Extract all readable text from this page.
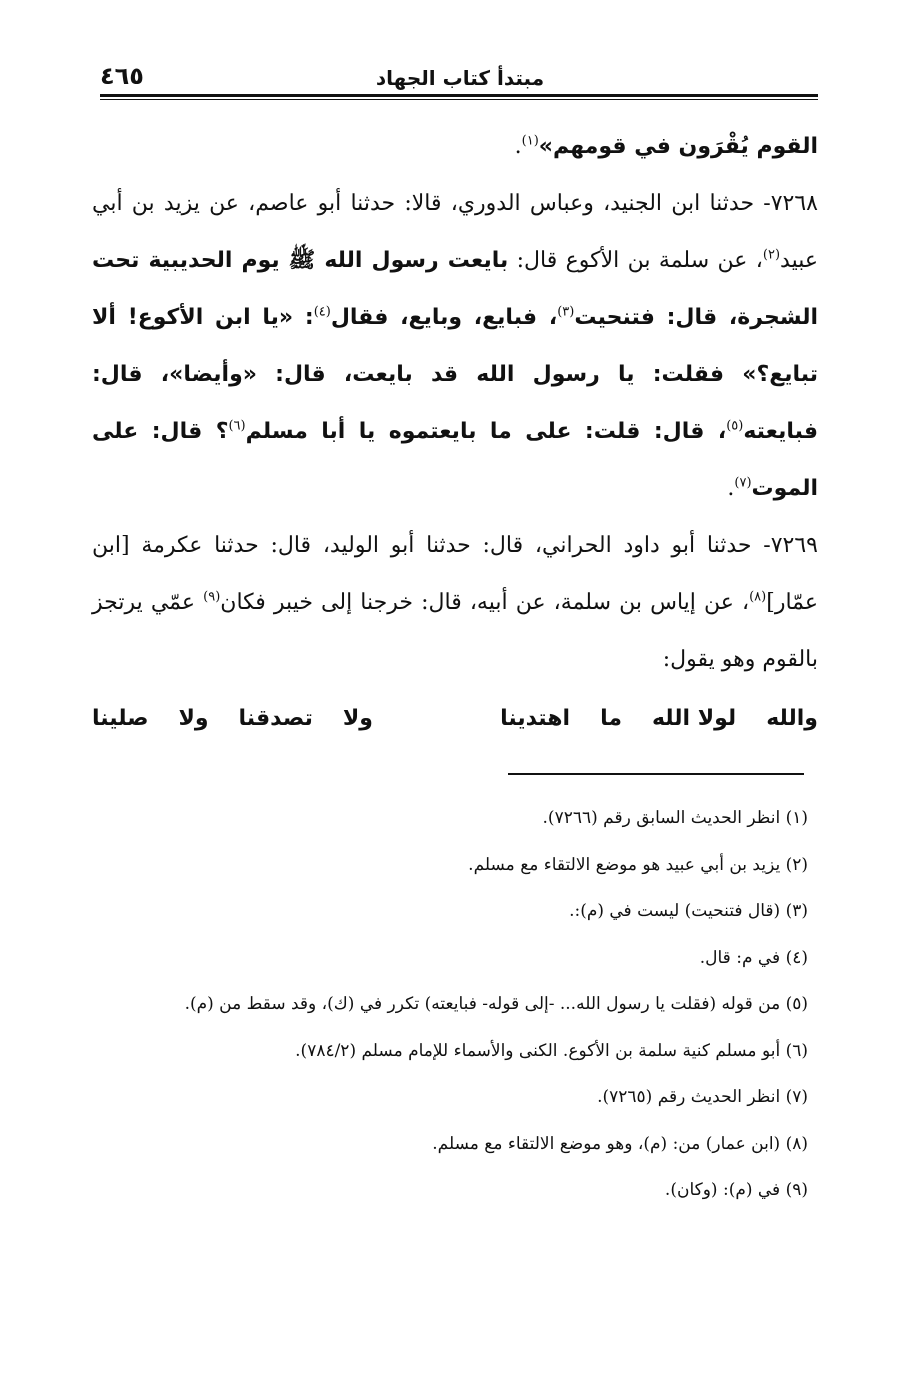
٤٦٥	مبتدأ كتاب الجهاد

القوم يُقْرَون في قومهم»$^{(١)}$.

٧٢٦٨- حدثنا ابن الجنيد، وعباس الدوري، قالا: حدثنا أبو عاصم، عن يزيد بن أبي عبيد$^{(٢)}$، عن سلمة بن الأكوع قال: بايعت رسول الله ﷺ يوم الحديبية تحت الشجرة، قال: فتنحيت$^{(٣)}$، فبايع، وبايع، فقال$^{(٤)}$: «يا ابن الأكوع! ألا تبايع؟» فقلت: يا رسول الله قد بايعت، قال: «وأيضا»، قال: فبايعته$^{(٥)}$، قال: قلت: على ما بايعتموه يا أبا مسلم$^{(٦)}$؟ قال: على الموت$^{(٧)}$.

٧٢٦٩- حدثنا أبو داود الحراني، قال: حدثنا أبو الوليد، قال: حدثنا عكرمة [ابن عمّار]$^{(٨)}$، عن إياس بن سلمة، عن أبيه، قال: خرجنا إلى خيبر فكان$^{(٩)}$ عمّي يرتجز بالقوم وهو يقول:

والله
لولا الله
ما
اهتدينا
ولا
تصدقنا
ولا
صلينا
(١) انظر الحديث السابق رقم (٧٢٦٦).
(٢) يزيد بن أبي عبيد هو موضع الالتقاء مع مسلم.
(٣) (قال فتنحيت) ليست في (م):.
(٤) في م: قال.
(٥) من قوله (فقلت يا رسول الله... -إلى قوله- فبايعته) تكرر في (ك)، وقد سقط من (م).
(٦) أبو مسلم كنية سلمة بن الأكوع. الكنى والأسماء للإمام مسلم (٧٨٤/٢).
(٧) انظر الحديث رقم (٧٢٦٥).
(٨) (ابن عمار) من: (م)، وهو موضع الالتقاء مع مسلم.
(٩) في (م): (وكان).
